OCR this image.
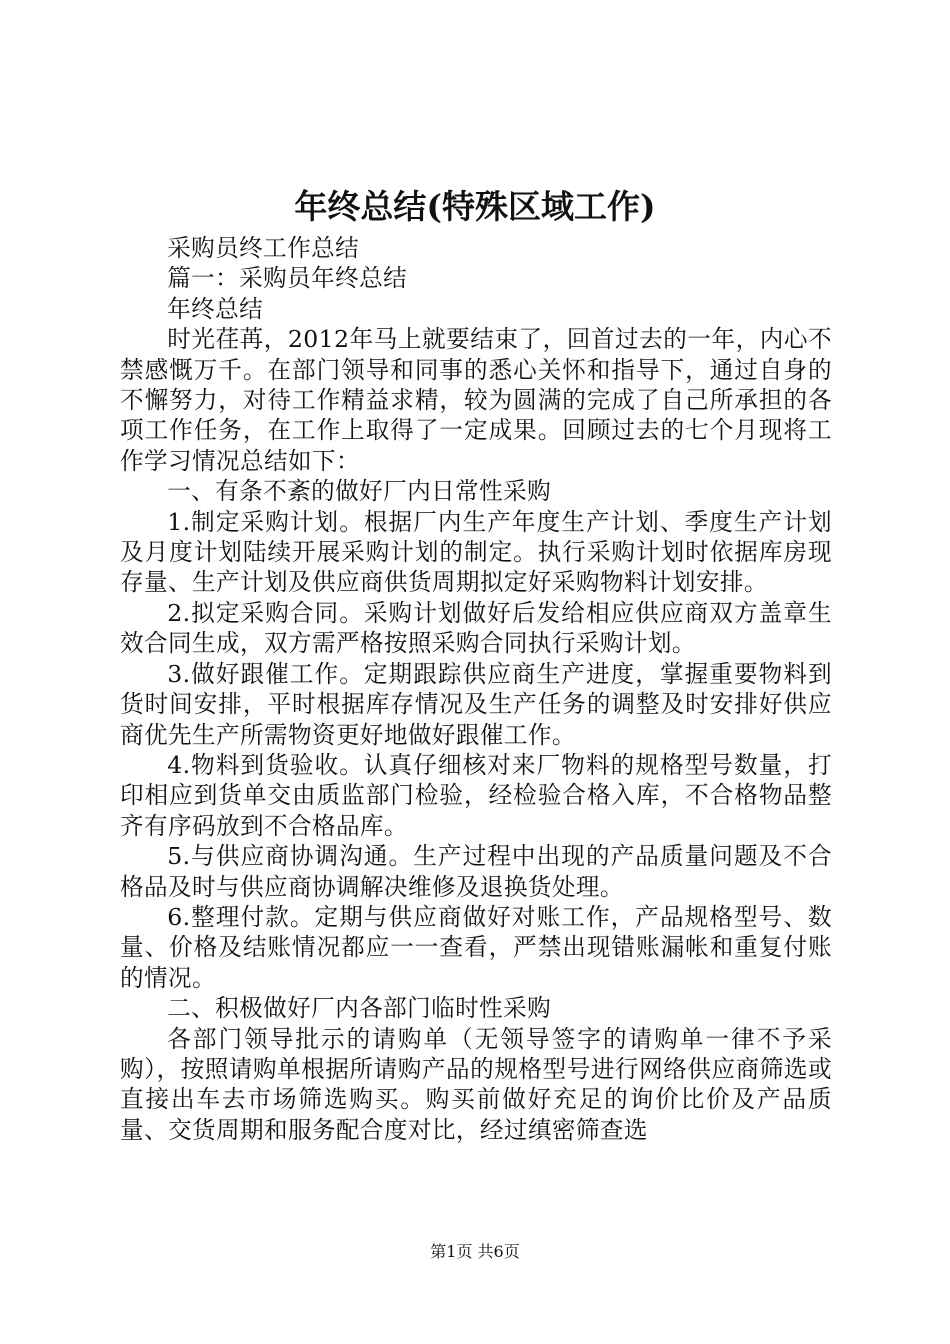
年终总结(特殊区域工作)

采购员终工作总结

篇一：采购员年终总结

年终总结

时光荏苒，2012年马上就要结束了，回首过去的一年，内心不禁感慨万千。在部门领导和同事的悉心关怀和指导下，通过自身的不懈努力，对待工作精益求精，较为圆满的完成了自己所承担的各项工作任务，在工作上取得了一定成果。回顾过去的七个月现将工作学习情况总结如下：

一、有条不紊的做好厂内日常性采购

1.制定采购计划。根据厂内生产年度生产计划、季度生产计划及月度计划陆续开展采购计划的制定。执行采购计划时依据库房现存量、生产计划及供应商供货周期拟定好采购物料计划安排。

2.拟定采购合同。采购计划做好后发给相应供应商双方盖章生效合同生成，双方需严格按照采购合同执行采购计划。

3.做好跟催工作。定期跟踪供应商生产进度，掌握重要物料到货时间安排，平时根据库存情况及生产任务的调整及时安排好供应商优先生产所需物资更好地做好跟催工作。

4.物料到货验收。认真仔细核对来厂物料的规格型号数量，打印相应到货单交由质监部门检验，经检验合格入库，不合格物品整齐有序码放到不合格品库。

5.与供应商协调沟通。生产过程中出现的产品质量问题及不合格品及时与供应商协调解决维修及退换货处理。

6.整理付款。定期与供应商做好对账工作，产品规格型号、数量、价格及结账情况都应一一查看，严禁出现错账漏帐和重复付账的情况。

二、积极做好厂内各部门临时性采购

各部门领导批示的请购单（无领导签字的请购单一律不予采购），按照请购单根据所请购产品的规格型号进行网络供应商筛选或直接出车去市场筛选购买。购买前做好充足的询价比价及产品质量、交货周期和服务配合度对比，经过缜密筛查选

第1页 共6页
